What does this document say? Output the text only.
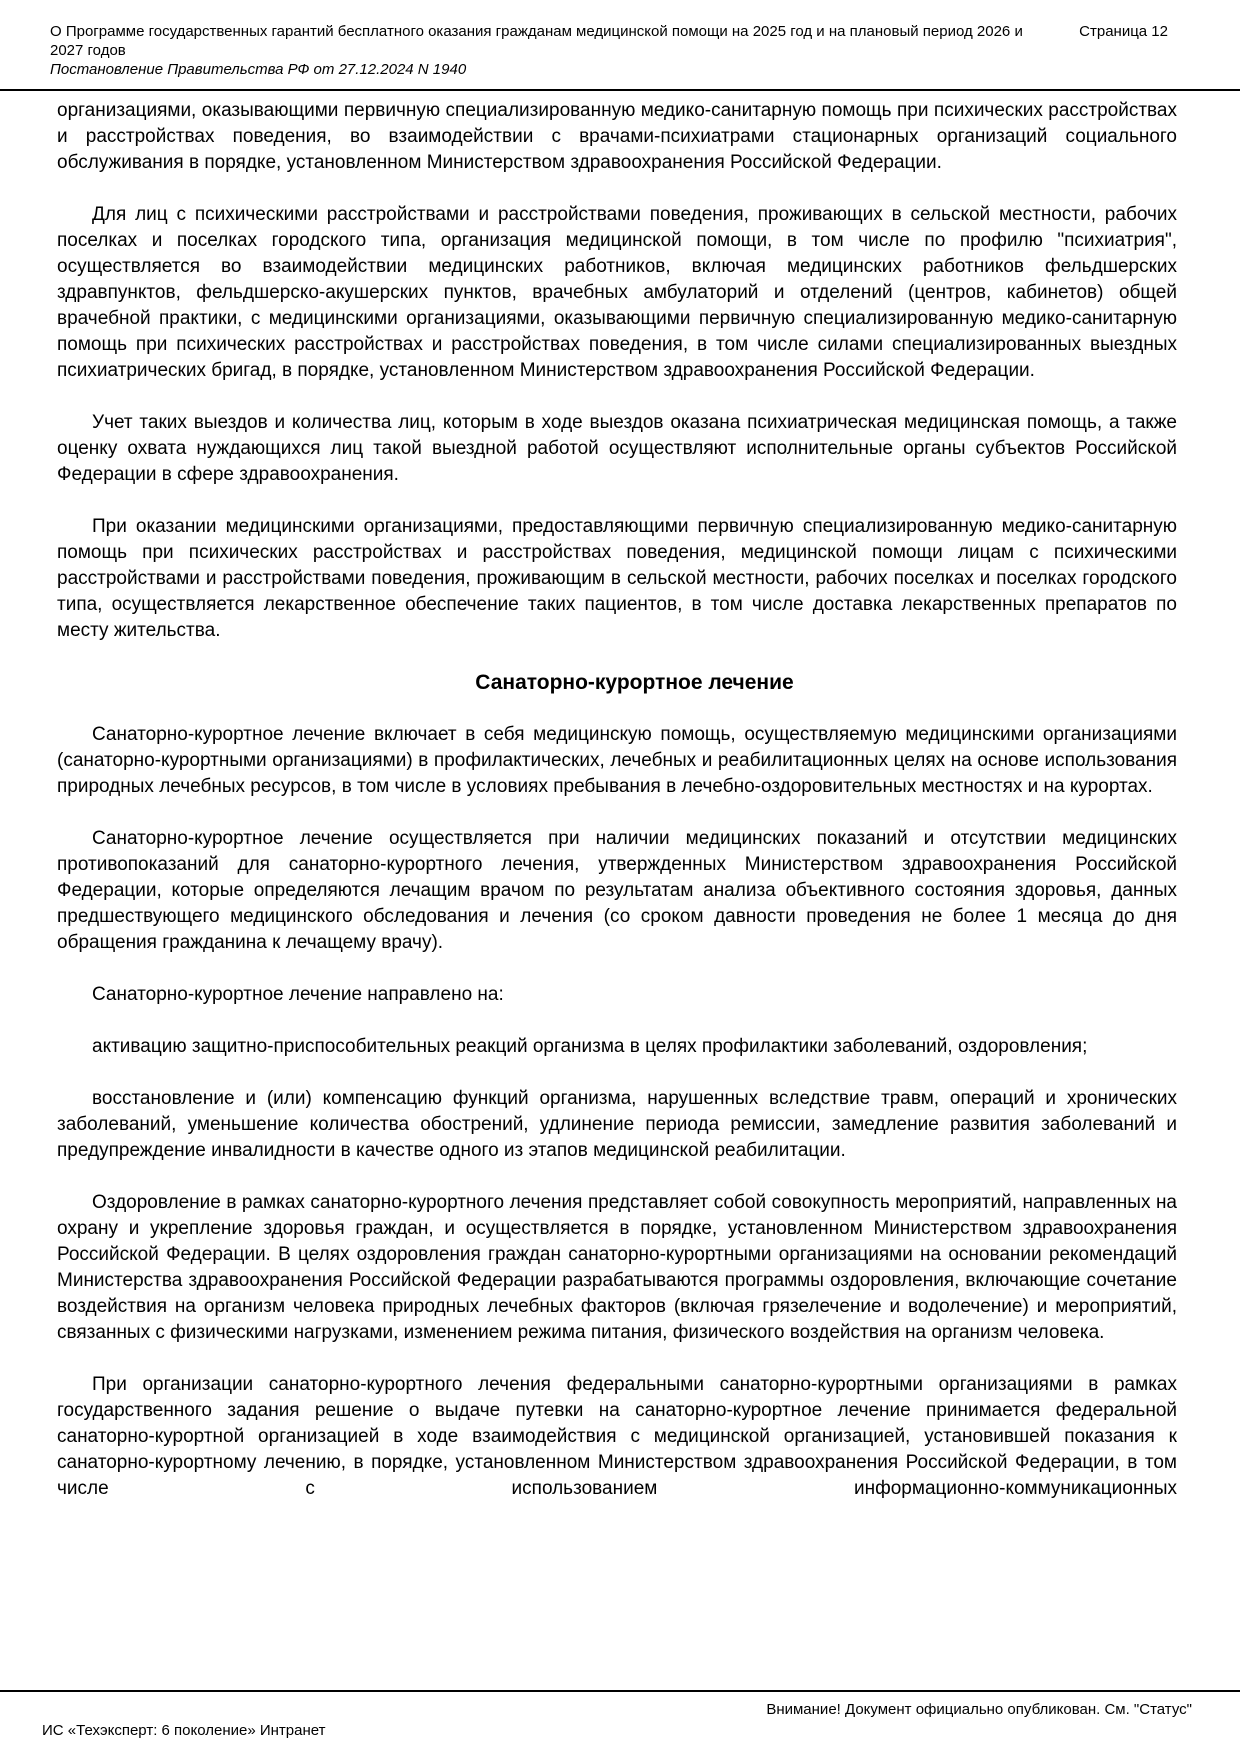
О Программе государственных гарантий бесплатного оказания гражданам медицинской помощи на 2025 год и на плановый период 2026 и 2027 годов
Страница 12
Постановление Правительства РФ от 27.12.2024 N 1940

организациями, оказывающими первичную специализированную медико-санитарную помощь при психических расстройствах и расстройствах поведения, во взаимодействии с врачами-психиатрами стационарных организаций социального обслуживания в порядке, установленном Министерством здравоохранения Российской Федерации.

Для лиц с психическими расстройствами и расстройствами поведения, проживающих в сельской местности, рабочих поселках и поселках городского типа, организация медицинской помощи, в том числе по профилю "психиатрия", осуществляется во взаимодействии медицинских работников, включая медицинских работников фельдшерских здравпунктов, фельдшерско-акушерских пунктов, врачебных амбулаторий и отделений (центров, кабинетов) общей врачебной практики, с медицинскими организациями, оказывающими первичную специализированную медико-санитарную помощь при психических расстройствах и расстройствах поведения, в том числе силами специализированных выездных психиатрических бригад, в порядке, установленном Министерством здравоохранения Российской Федерации.

Учет таких выездов и количества лиц, которым в ходе выездов оказана психиатрическая медицинская помощь, а также оценку охвата нуждающихся лиц такой выездной работой осуществляют исполнительные органы субъектов Российской Федерации в сфере здравоохранения.

При оказании медицинскими организациями, предоставляющими первичную специализированную медико-санитарную помощь при психических расстройствах и расстройствах поведения, медицинской помощи лицам с психическими расстройствами и расстройствами поведения, проживающим в сельской местности, рабочих поселках и поселках городского типа, осуществляется лекарственное обеспечение таких пациентов, в том числе доставка лекарственных препаратов по месту жительства.

Санаторно-курортное лечение

Санаторно-курортное лечение включает в себя медицинскую помощь, осуществляемую медицинскими организациями (санаторно-курортными организациями) в профилактических, лечебных и реабилитационных целях на основе использования природных лечебных ресурсов, в том числе в условиях пребывания в лечебно-оздоровительных местностях и на курортах.

Санаторно-курортное лечение осуществляется при наличии медицинских показаний и отсутствии медицинских противопоказаний для санаторно-курортного лечения, утвержденных Министерством здравоохранения Российской Федерации, которые определяются лечащим врачом по результатам анализа объективного состояния здоровья, данных предшествующего медицинского обследования и лечения (со сроком давности проведения не более 1 месяца до дня обращения гражданина к лечащему врачу).

Санаторно-курортное лечение направлено на:

активацию защитно-приспособительных реакций организма в целях профилактики заболеваний, оздоровления;

восстановление и (или) компенсацию функций организма, нарушенных вследствие травм, операций и хронических заболеваний, уменьшение количества обострений, удлинение периода ремиссии, замедление развития заболеваний и предупреждение инвалидности в качестве одного из этапов медицинской реабилитации.

Оздоровление в рамках санаторно-курортного лечения представляет собой совокупность мероприятий, направленных на охрану и укрепление здоровья граждан, и осуществляется в порядке, установленном Министерством здравоохранения Российской Федерации. В целях оздоровления граждан санаторно-курортными организациями на основании рекомендаций Министерства здравоохранения Российской Федерации разрабатываются программы оздоровления, включающие сочетание воздействия на организм человека природных лечебных факторов (включая грязелечение и водолечение) и мероприятий, связанных с физическими нагрузками, изменением режима питания, физического воздействия на организм человека.

При организации санаторно-курортного лечения федеральными санаторно-курортными организациями в рамках государственного задания решение о выдаче путевки на санаторно-курортное лечение принимается федеральной санаторно-курортной организацией в ходе взаимодействия с медицинской организацией, установившей показания к санаторно-курортному лечению, в порядке, установленном Министерством здравоохранения Российской Федерации, в том числе с использованием информационно-коммуникационных

Внимание! Документ официально опубликован. См. "Статус"
ИС «Техэксперт: 6 поколение» Интранет
